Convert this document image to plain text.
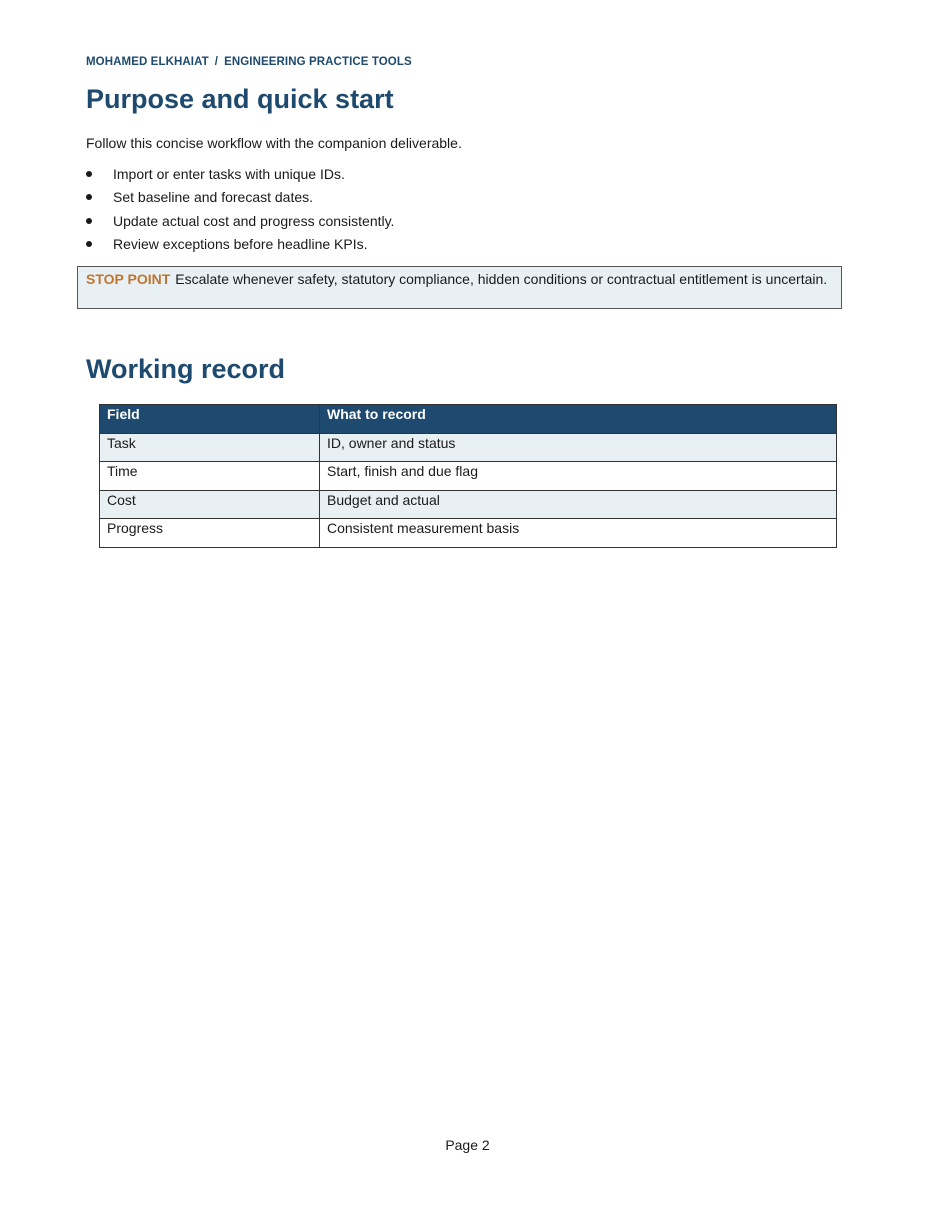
MOHAMED ELKHAIAT / ENGINEERING PRACTICE TOOLS
Purpose and quick start
Follow this concise workflow with the companion deliverable.
Import or enter tasks with unique IDs.
Set baseline and forecast dates.
Update actual cost and progress consistently.
Review exceptions before headline KPIs.
STOP POINT Escalate whenever safety, statutory compliance, hidden conditions or contractual entitlement is uncertain.
Working record
Field	What to record
Task	ID, owner and status
Time	Start, finish and due flag
Cost	Budget and actual
Progress	Consistent measurement basis
Page 2
